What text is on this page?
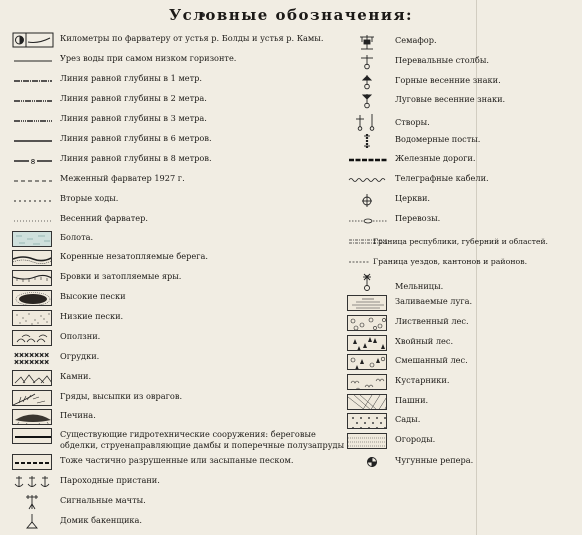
Условные обозначения:
Километры по фарватеру от устья р. Болды и устья р. Камы.
Урез воды при самом низком горизонте.
Линия равной глубины в 1 метр.
Линия равной глубины в 2 метра.
Линия равной глубины в 3 метра.
Линия равной глубины в 6 метров.
8	Линия равной глубины в 8 метров.
Меженный фарватер 1927 г.
Вторые ходы.
Весенний фарватер.
Болота.
Коренные незатопляемые берега.
Бровки и затопляемые яры.
Высокие пески
Низкие пески.
Оползни.
×××××××
×××××××
Огрудки.
Камни.
Гряды, высыпки из оврагов.
Печина.
Существующие гидротехнические сооружения: береговые обделки, струенаправляющие дамбы и поперечные полузапруды
Тоже частично разрушенные или засыпаные песком.
Пароходные пристани.
Сигнальные мачты.
Домик бакенщика.
Семафор.
Перевальные столбы.
Горные весенние знаки.
Луговые весенние знаки.
Створы.
Водомерные посты.
Железные дороги.
Телеграфные кабели.
Церкви.
Перевозы.
Граница республики, губерний и областей.
Граница уездов, кантонов и районов.
Мельницы.
Заливаемые луга.
Лиственный лес.
Хвойный лес.
Смешанный лес.
Кустарники.
Пашни.
Сады.
Огороды.
Чугунные репера.
